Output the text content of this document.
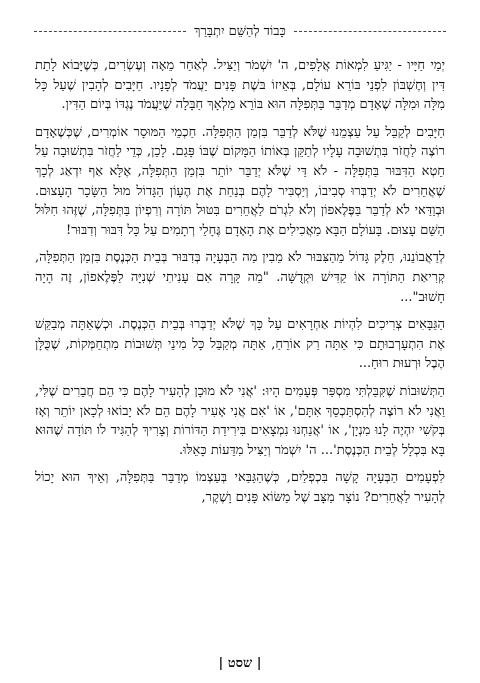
כָּבוֹד לְהַשֵּׁם יִתְבָּרַךְ

יְמֵי חַיָּיו - יַגִּיעַ לִמְאוֹת אֲלָפִים, ה' יִשְׁמֹר וְיַצִּיל. לְאַחַר מֵאָה וְעֶשְׂרִים, כְּשֶׁיָּבוֹא לָתֵת דִּין וְחֶשְׁבּוֹן לִפְנֵי בּוֹרֵא עוֹלָם, בְּאֵיזוֹ בּשֶׁת פָּנִים יַעֲמֹד לְפָנָיו. חַיָּבִים לְהָבִין שֶׁעַל כָּל מִלָּה וּמִלָּה שֶׁאָדָם מְדַבֵּר בַּתְּפִלָּה הוּא בּוֹרֵא מַלְאָךְ חַבָּלָה שֶׁיַּעֲמֹד נֶגְדּוֹ בְּיוֹם הַדִּין.

חַיָּבִים לְקַבֵּל עַל עַצְמֵנוּ שֶׁלֹּא לְדַבֵּר בִּזְמַן הַתְּפִלָּה. חַכְמֵי הַמּוּסָר אוֹמְרִים, שֶׁכְּשֶׁאָדָם רוֹצֶה לַחֲזֹר בִּתְשׁוּבָה עָלָיו לְתַקֵּן בְּאוֹתוֹ הַמָּקוֹם שֶׁבּוֹ פָּגַם. לָכֵן, כְּדֵי לַחֲזֹר בִּתְשׁוּבָה עַל חֵטְא הַדִּבּוּר בַּתְּפִלָּה - לֹא דַּי שֶׁלֹּא יְדַבֵּר יוֹתֵר בִּזְמַן הַתְּפִלָּה, אֶלָּא אַף יִדְאַג לְכָךְ שֶׁאֲחֵרִים לֹא יְדַבְּרוּ סְבִיבוֹ, וְיַסְבִּיר לָהֶם בְּנַחַת אֶת הֶעָוֹן הַגָּדוֹל מוּל הַשָּׂכָר הָעָצוּם. וּבְוַדַּאי לֹא לְדַבֵּר בַּפֶּלֶאפוֹן וְלֹא לִגְרֹם לַאֲחֵרִים בִּטּוּל תּוֹרָה וְרִפְיוֹן בַּתְּפִלָּה, שֶׁזֶּהוּ חִלּוּל הַשֵּׁם עָצוּם. בָּעוֹלָם הַבָּא מַאֲכִילִים אֶת הָאָדָם גֶּחָלֵי רְתָמִים עַל כָּל דִּבּוּר וְדִבּוּר!

לְדַאֲבוֹנֵנוּ, חֵלֶק גָּדוֹל מֵהַצִּבּוּר לֹא מֵבִין מַה הַבְּעָיָה בְּדִבּוּר בְּבֵית הַכְּנֶסֶת בִּזְמַן הַתְּפִלָּה, קְרִיאַת הַתּוֹרָה אוֹ קַדִּישׁ וּקְדֻשָּׁה. "מַה קָּרָה אִם עָנִיתִי שְׁנִיָּה לַפֶּלֶאפוֹן, זֶה הָיָה חָשׁוּב"...

הַגַּבָּאִים צְרִיכִים לִהְיוֹת אַחְרָאִים עַל כָּךְ שֶׁלֹּא יְדַבְּרוּ בְּבֵית הַכְּנֶסֶת. וּכְשֶׁאַתָּה מְבַקֵּשׁ אֶת הִתְעָרְבוּתָם כִּי אַתָּה רַק אוֹרֵחַ, אַתָּה מְקַבֵּל כָּל מִינֵי תְּשׁוּבוֹת מִתְחַמְּקוֹת, שֶׁכֻּלָּן הֶבֶל וּרְעוּת רוּחַ...

הַתְּשׁוּבוֹת שֶׁקִּבַּלְתִּי מִסְפַּר פְּעָמִים הָיוּ: 'אֲנִי לֹא מוּכָן לְהָעִיר לָהֶם כִּי הֵם חֲבֵרִים שֶׁלִּי, וַאֲנִי לֹא רוֹצֶה לְהִסְתַּכְסֵךְ אִתָּם', אוֹ 'אִם אֲנִי אָעִיר לָהֶם הֵם לֹא יָבוֹאוּ לְכָאן יוֹתֵר וְאָז בְּקֹשִׁי יִהְיֶה לָנוּ מִנְיָן', אוֹ 'אֲנַחְנוּ נִמְצָאִים בִּירִידַת הַדּוֹרוֹת וְצָרִיךְ לְהַגִּיד לֹו תּוֹדָה שֶׁהוּא בָּא בִּכְלָל לְבֵית הַכְּנֶסֶת'... ה' יִשְׁמֹר וְיַצִּיל מִדֵּעוֹת כָּאֵלּוּ.

לִפְעָמִים הַבְּעָיָה קָשָׁה בִּכְפְלַיִם, כְּשֶׁהַגַּבַּאי בְּעַצְמוֹ מְדַבֵּר בַּתְּפִלָּה, וְאֵיךְ הוּא יָכוֹל לְהָעִיר לַאֲחֵרִים? נוֹצָר מַצָּב שֶׁל מַשּׂוֹא פָּנִים וָשֶׁקֶר,

| שסט |
